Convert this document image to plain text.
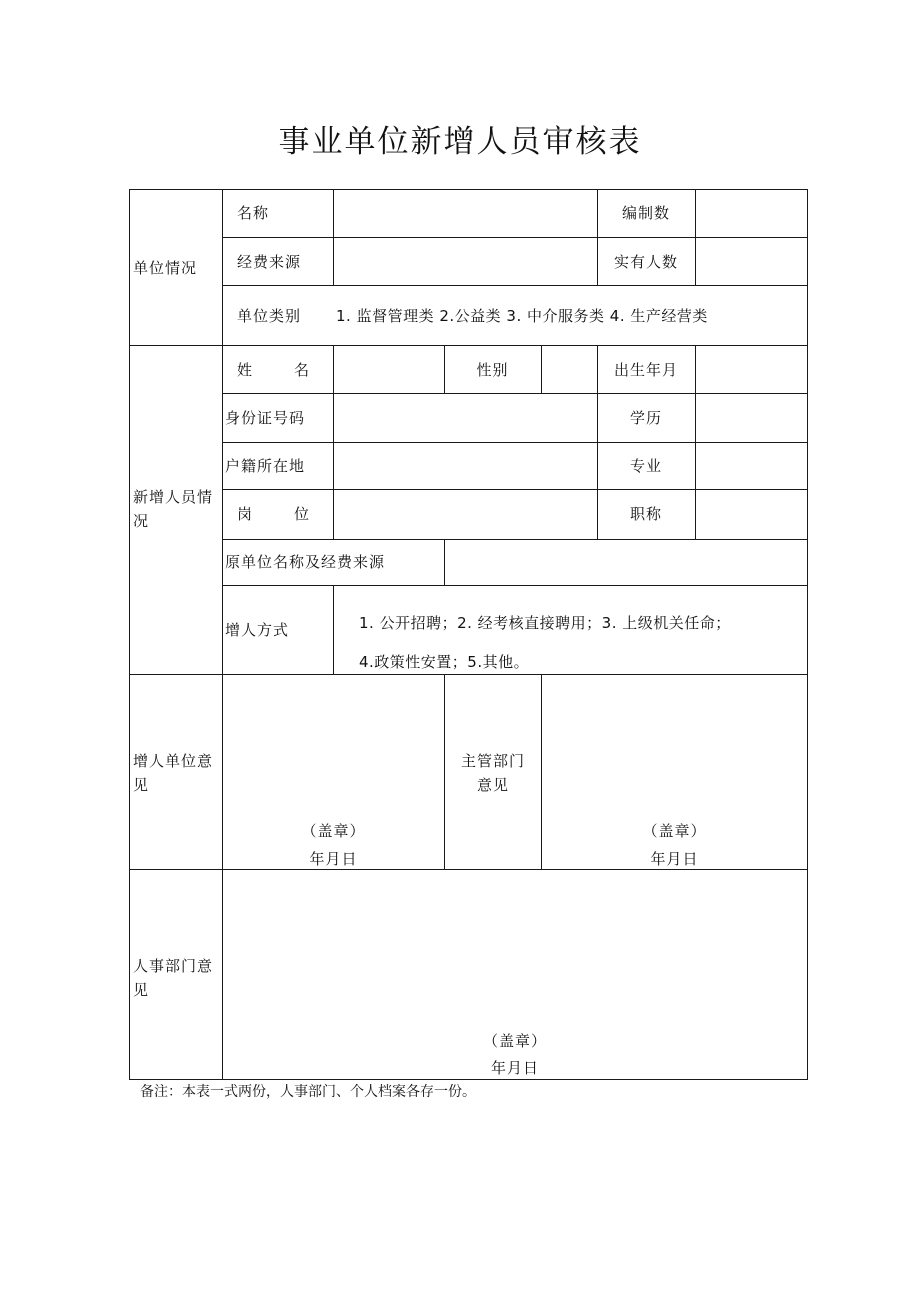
事业单位新增人员审核表
单位情况
名称	编制数
经费来源	实有人数
单位类别 1. 监督管理类 2.公益类 3. 中介服务类 4. 生产经营类
新增人员情况
姓　　名	性别	出生年月
身份证号码	学历
户籍所在地	专业
岗　　位	职称
原单位名称及经费来源
增人方式	1. 公开招聘；2. 经考核直接聘用；3. 上级机关任命；
4.政策性安置；5.其他。
增人单位意见
（盖章）
年月日
主管部门意见
（盖章）
年月日
人事部门意见
（盖章）
年月日
备注：本表一式两份，人事部门、个人档案各存一份。
